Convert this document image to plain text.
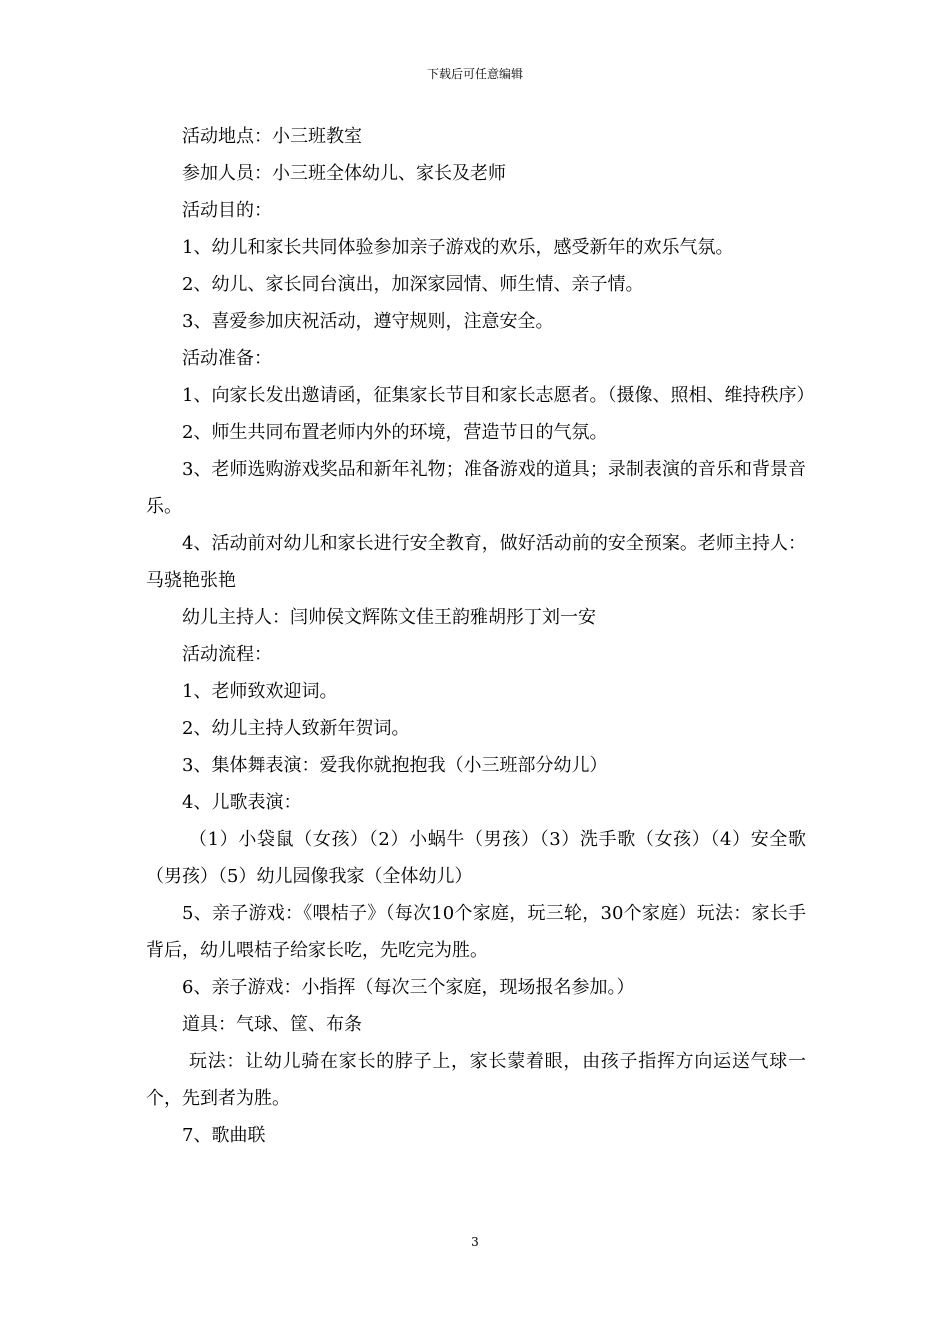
下载后可任意编辑

活动地点：小三班教室

参加人员：小三班全体幼儿、家长及老师

活动目的：

1、幼儿和家长共同体验参加亲子游戏的欢乐，感受新年的欢乐气氛。

2、幼儿、家长同台演出，加深家园情、师生情、亲子情。

3、喜爱参加庆祝活动，遵守规则，注意安全。

活动准备：

1、向家长发出邀请函，征集家长节目和家长志愿者。（摄像、照相、维持秩序）

2、师生共同布置老师内外的环境，营造节日的气氛。

3、老师选购游戏奖品和新年礼物；准备游戏的道具；录制表演的音乐和背景音乐。

4、活动前对幼儿和家长进行安全教育，做好活动前的安全预案。老师主持人：马骁艳张艳

幼儿主持人：闫帅侯文辉陈文佳王韵雅胡彤丁刘一安

活动流程：

1、老师致欢迎词。

2、幼儿主持人致新年贺词。

3、集体舞表演：爱我你就抱抱我（小三班部分幼儿）

4、儿歌表演：

（1）小袋鼠（女孩）（2）小蜗牛（男孩）（3）洗手歌（女孩）（4）安全歌（男孩）（5）幼儿园像我家（全体幼儿）

5、亲子游戏：《喂桔子》（每次10个家庭，玩三轮，30个家庭）玩法：家长手背后，幼儿喂桔子给家长吃，先吃完为胜。

6、亲子游戏：小指挥（每次三个家庭，现场报名参加。）

道具：气球、筐、布条

玩法：让幼儿骑在家长的脖子上，家长蒙着眼，由孩子指挥方向运送气球一个，先到者为胜。

7、歌曲联

3
